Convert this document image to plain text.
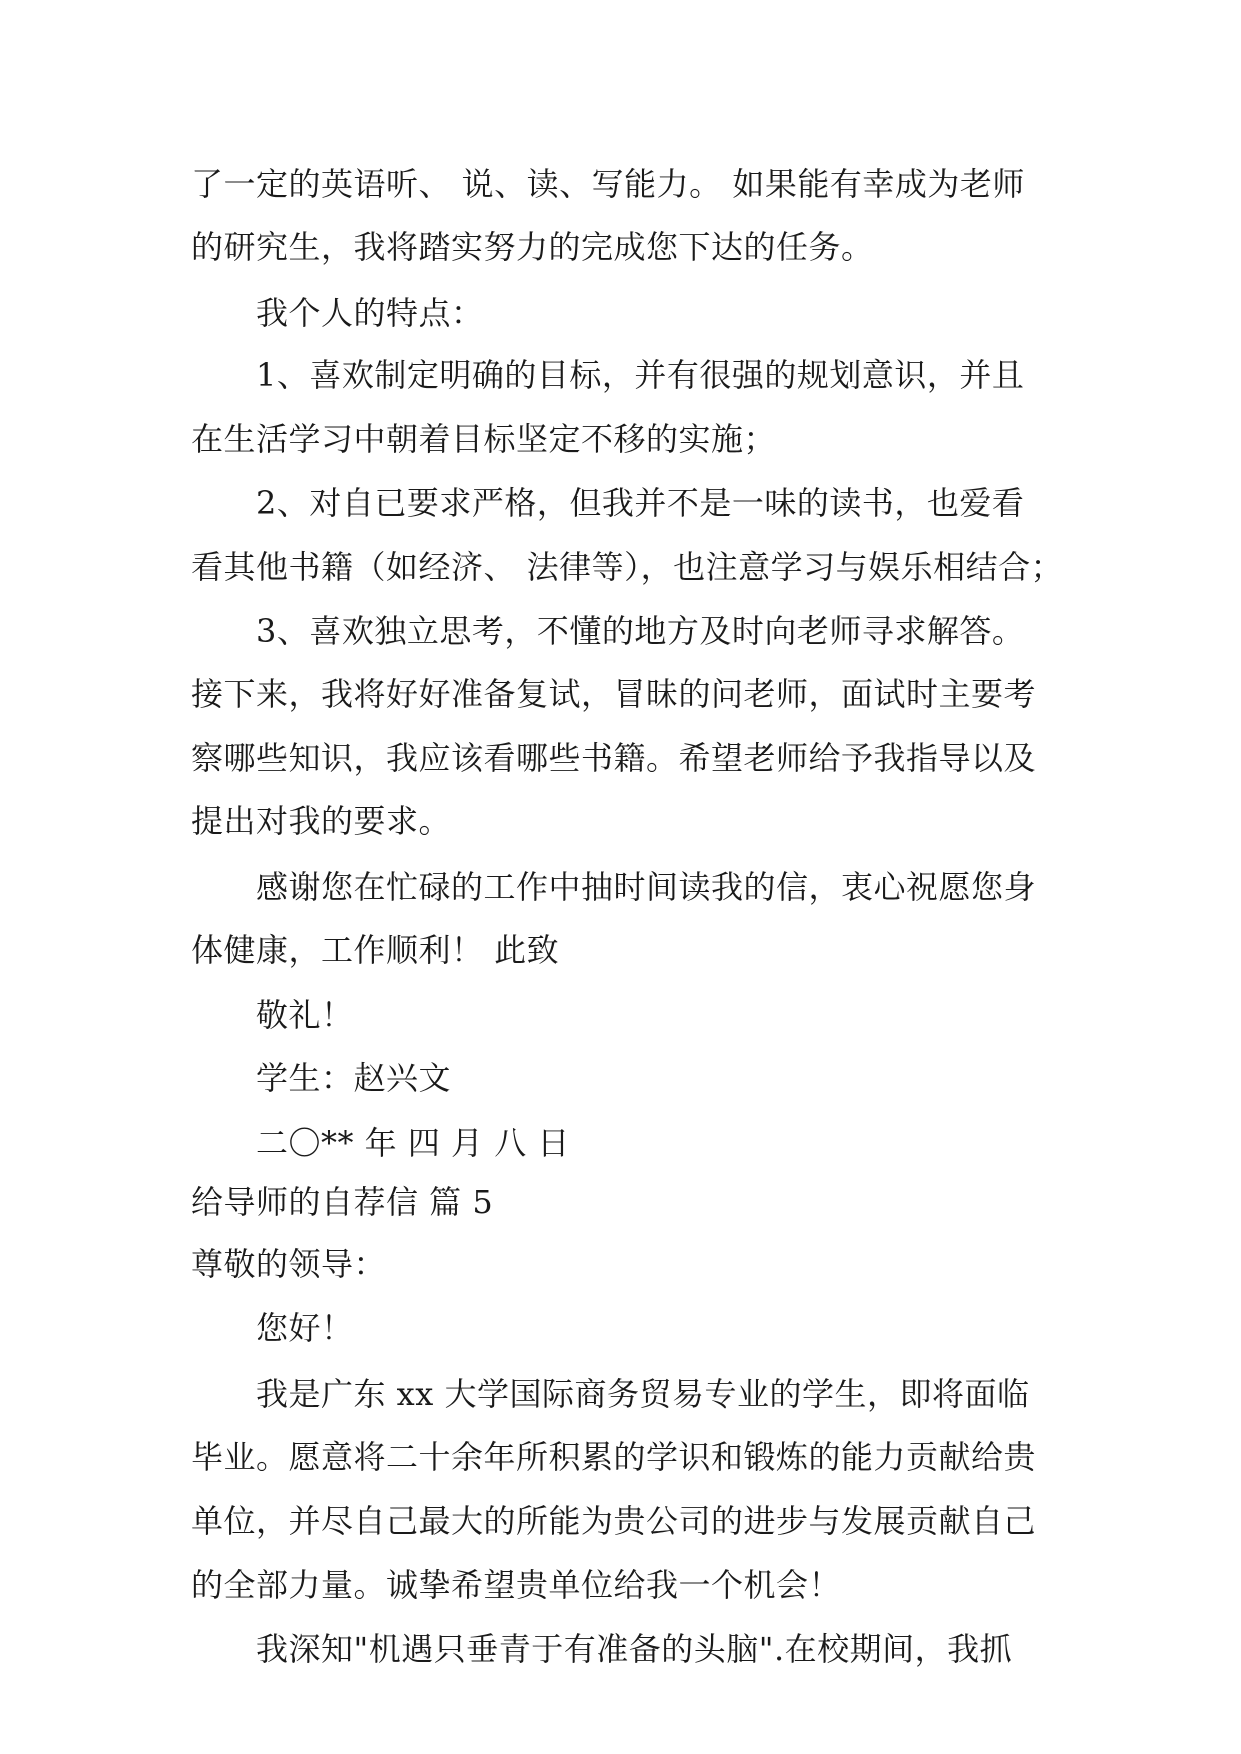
了一定的英语听、 说、读、写能力。 如果能有幸成为老师
的研究生，我将踏实努力的完成您下达的任务。
我个人的特点：
1、喜欢制定明确的目标，并有很强的规划意识，并且
在生活学习中朝着目标坚定不移的实施；
2、对自已要求严格，但我并不是一味的读书，也爱看
看其他书籍（如经济、 法律等），也注意学习与娱乐相结合；
3、喜欢独立思考，不懂的地方及时向老师寻求解答。
接下来，我将好好准备复试，冒昧的问老师，面试时主要考
察哪些知识，我应该看哪些书籍。希望老师给予我指导以及
提出对我的要求。
感谢您在忙碌的工作中抽时间读我的信，衷心祝愿您身
体健康，工作顺利！ 此致
敬礼！
学生：赵兴文
二〇** 年 四 月 八 日
给导师的自荐信 篇 5
尊敬的领导：
您好！
我是广东 xx 大学国际商务贸易专业的学生，即将面临
毕业。愿意将二十余年所积累的学识和锻炼的能力贡献给贵
单位，并尽自己最大的所能为贵公司的进步与发展贡献自己
的全部力量。诚挚希望贵单位给我一个机会！
我深知"机遇只垂青于有准备的头脑".在校期间，我抓
